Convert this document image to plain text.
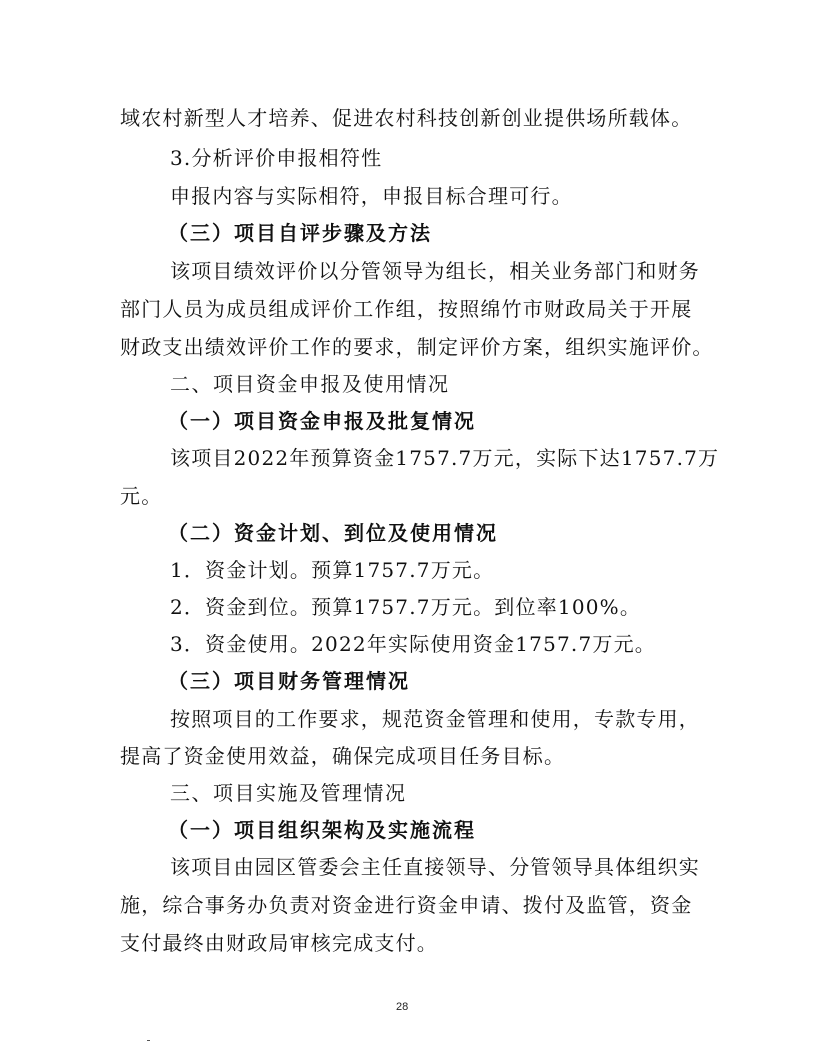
域农村新型人才培养、促进农村科技创新创业提供场所载体。
3.分析评价申报相符性
申报内容与实际相符，申报目标合理可行。
（三）项目自评步骤及方法
该项目绩效评价以分管领导为组长，相关业务部门和财务
部门人员为成员组成评价工作组，按照绵竹市财政局关于开展
财政支出绩效评价工作的要求，制定评价方案，组织实施评价。
二、项目资金申报及使用情况
（一）项目资金申报及批复情况
该项目2022年预算资金1757.7万元，实际下达1757.7万
元。
（二）资金计划、到位及使用情况
1．资金计划。预算1757.7万元。
2．资金到位。预算1757.7万元。到位率100%。
3．资金使用。2022年实际使用资金1757.7万元。
（三）项目财务管理情况
按照项目的工作要求，规范资金管理和使用，专款专用，
提高了资金使用效益，确保完成项目任务目标。
三、项目实施及管理情况
（一）项目组织架构及实施流程
该项目由园区管委会主任直接领导、分管领导具体组织实
施，综合事务办负责对资金进行资金申请、拨付及监管，资金
支付最终由财政局审核完成支付。
28
